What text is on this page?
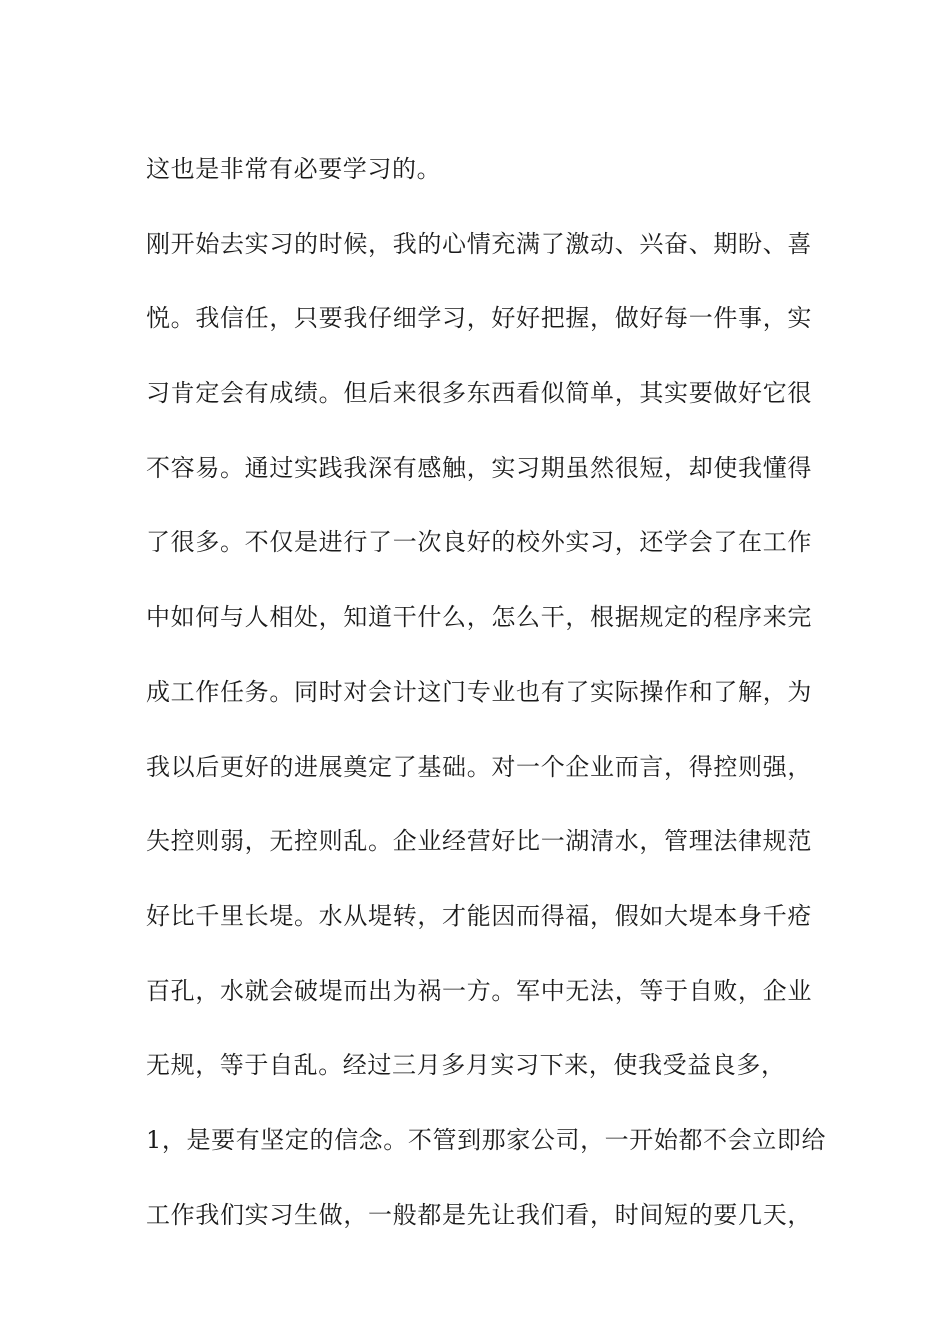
这也是非常有必要学习的。
刚开始去实习的时候，我的心情充满了激动、兴奋、期盼、喜
悦。我信任，只要我仔细学习，好好把握，做好每一件事，实
习肯定会有成绩。但后来很多东西看似简单，其实要做好它很
不容易。通过实践我深有感触，实习期虽然很短，却使我懂得
了很多。不仅是进行了一次良好的校外实习，还学会了在工作
中如何与人相处，知道干什么，怎么干，根据规定的程序来完
成工作任务。同时对会计这门专业也有了实际操作和了解，为
我以后更好的进展奠定了基础。对一个企业而言，得控则强，
失控则弱，无控则乱。企业经营好比一湖清水，管理法律规范
好比千里长堤。水从堤转，才能因而得福，假如大堤本身千疮
百孔，水就会破堤而出为祸一方。军中无法，等于自败，企业
无规，等于自乱。经过三月多月实习下来，使我受益良多，
1，是要有坚定的信念。不管到那家公司，一开始都不会立即给
工作我们实习生做，一般都是先让我们看，时间短的要几天，
